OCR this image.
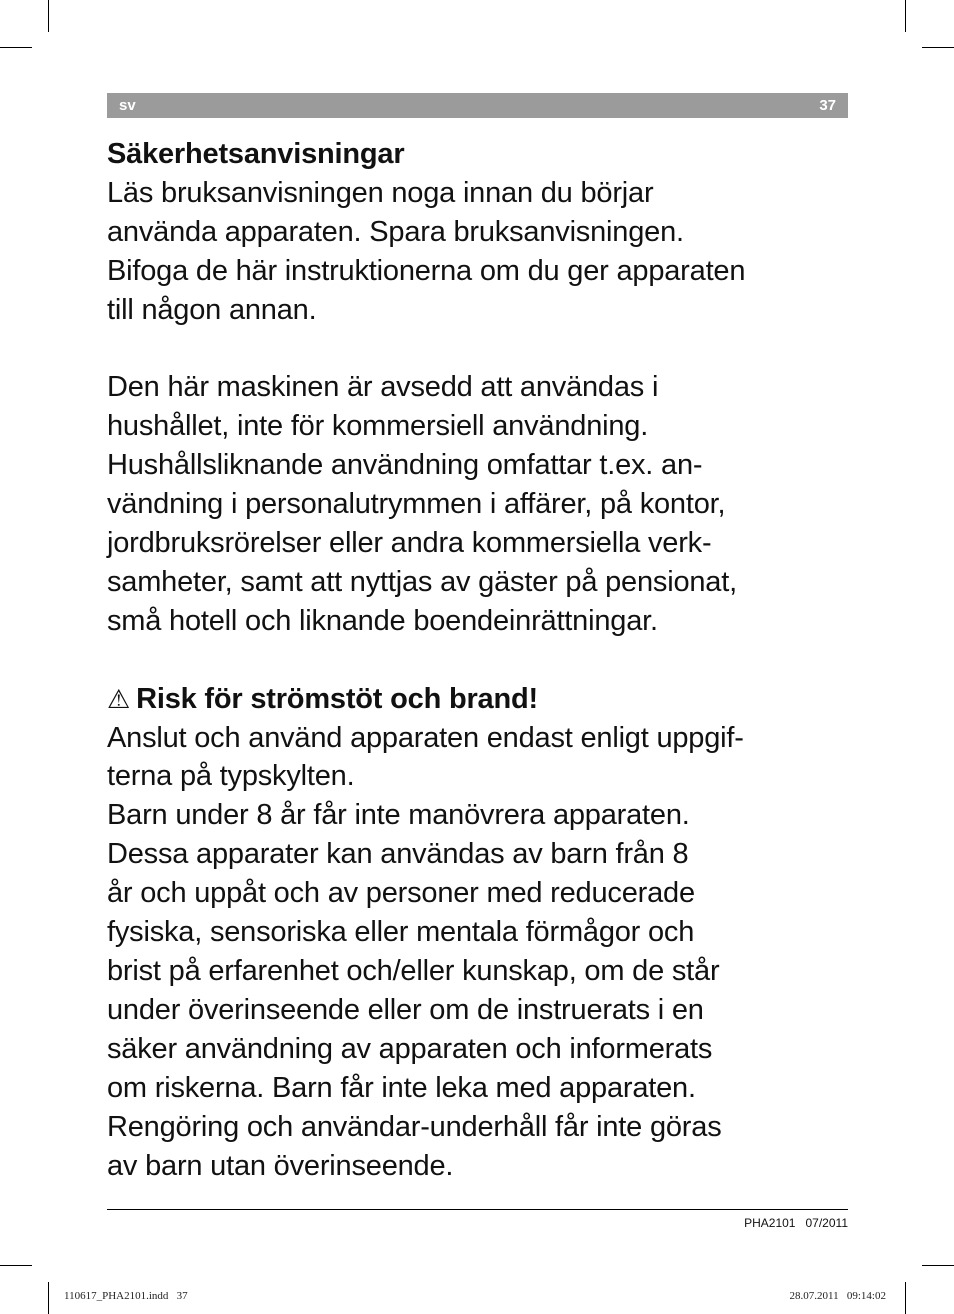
sv	37

Säkerhetsanvisningar

Läs bruksanvisningen noga innan du börjar

använda apparaten. Spara bruksanvisningen.

Bifoga de här instruktionerna om du ger apparaten

till någon annan.

Den här maskinen är avsedd att användas i

hushållet, inte för kommersiell användning.

Hushållsliknande användning omfattar t.ex. an-

vändning i personalutrymmen i affärer, på kontor,

jordbruksrörelser eller andra kommersiella verk-

samheter, samt att nyttjas av gäster på pensionat,

små hotell och liknande boendeinrättningar.

⚠ Risk för strömstöt och brand!

Anslut och använd apparaten endast enligt uppgif-

terna på typskylten.

Barn under 8 år får inte manövrera apparaten.

Dessa apparater kan användas av barn från 8

år och uppåt och av personer med reducerade

fysiska, sensoriska eller mentala förmågor och

brist på erfarenhet och/eller kunskap, om de står

under överinseende eller om de instruerats i en

säker användning av apparaten och informerats

om riskerna. Barn får inte leka med apparaten.

Rengöring och användar-underhåll får inte göras

av barn utan överinseende.

PHA2101 07/2011
110617_PHA2101.indd 37	28.07.2011 09:14:02
